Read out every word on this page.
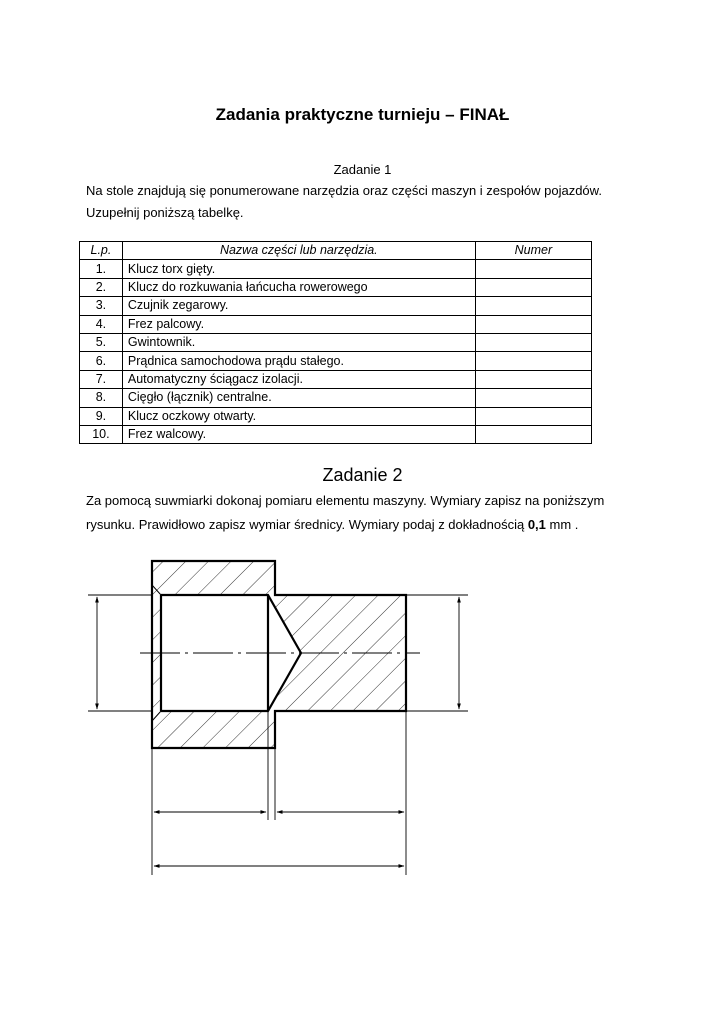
Zadania praktyczne turnieju – FINAŁ
Zadanie 1
Na stole znajdują się ponumerowane narzędzia oraz części maszyn i zespołów pojazdów.
Uzupełnij poniższą tabelkę.
L.p.	Nazwa części lub narzędzia.	Numer
1.	Klucz torx gięty.	
2.	Klucz do rozkuwania łańcucha rowerowego	
3.	Czujnik zegarowy.	
4.	Frez palcowy.	
5.	Gwintownik.	
6.	Prądnica samochodowa prądu stałego.	
7.	Automatyczny ściągacz izolacji.	
8.	Cięgło (łącznik) centralne.	
9.	Klucz oczkowy otwarty.	
10.	Frez walcowy.	
Zadanie 2
Za pomocą suwmiarki dokonaj pomiaru elementu maszyny. Wymiary zapisz na poniższym
rysunku. Prawidłowo zapisz wymiar średnicy. Wymiary podaj z dokładnością 0,1 mm .
